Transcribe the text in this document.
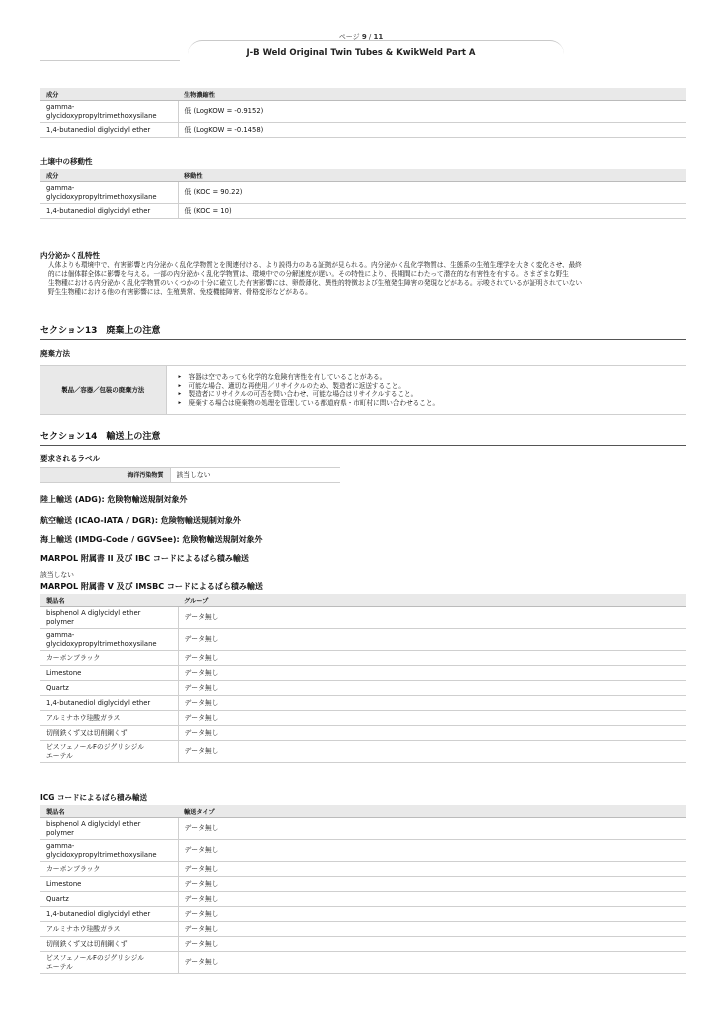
ページ 9 / 11
J-B Weld Original Twin Tubes & KwikWeld Part A
成分	生物濃縮性
gamma-
glycidoxypropyltrimethoxysilane	低 (LogKOW = -0.9152)
1,4-butanediol diglycidyl ether	低 (LogKOW = -0.1458)
土壌中の移動性
成分	移動性
gamma-
glycidoxypropyltrimethoxysilane	低 (KOC = 90.22)
1,4-butanediol diglycidyl ether	低 (KOC = 10)
内分泌かく乱特性
人体よりも環境中で、有害影響と内分泌かく乱化学物質とを関連付ける、より説得力のある証拠が見られる。内分泌かく乱化学物質は、生態系の生殖生理学を大きく変化させ、最終
的には個体群全体に影響を与える。一部の内分泌かく乱化学物質は、環境中での分解速度が遅い。その特性により、長期間にわたって潜在的な有害性を有する。さまざまな野生
生物種における内分泌かく乱化学物質のいくつかの十分に確立した有害影響には、卵殻薄化、異性的特徴および生殖発生障害の発現などがある。示唆されているが証明されていない
野生生物種における他の有害影響には、生殖異常、免疫機能障害、骨格変形などがある。
セクション13　廃棄上の注意
廃棄方法
製品／容器／包装の廃棄方法	
▸ 容器は空であっても化学的な危険有害性を有していることがある。
▸ 可能な場合、適切な再使用／リサイクルのため、製造者に返送すること。
▸ 製造者にリサイクルの可否を問い合わせ、可能な場合はリサイクルすること。
▸ 廃棄する場合は廃棄物の処理を管理している都道府県・市町村に問い合わせること。
セクション14　輸送上の注意
要求されるラベル
海洋汚染物質	該当しない
陸上輸送 (ADG): 危険物輸送規制対象外
航空輸送 (ICAO-IATA / DGR): 危険物輸送規制対象外
海上輸送 (IMDG-Code / GGVSee): 危険物輸送規制対象外
MARPOL 附属書 II 及び IBC コードによるばら積み輸送
該当しない
MARPOL 附属書 V 及び IMSBC コードによるばら積み輸送
製品名	グループ
bisphenol A diglycidyl ether
polymer	データ無し
gamma-
glycidoxypropyltrimethoxysilane	データ無し
カーボンブラック	データ無し
Limestone	データ無し
Quartz	データ無し
1,4-butanediol diglycidyl ether	データ無し
アルミナホウ珪酸ガラス	データ無し
切削鉄くず又は切削鋼くず	データ無し
ビスフェノールFのジグリシジル
エーテル	データ無し
ICG コードによるばら積み輸送
製品名	輸送タイプ
bisphenol A diglycidyl ether
polymer	データ無し
gamma-
glycidoxypropyltrimethoxysilane	データ無し
カーボンブラック	データ無し
Limestone	データ無し
Quartz	データ無し
1,4-butanediol diglycidyl ether	データ無し
アルミナホウ珪酸ガラス	データ無し
切削鉄くず又は切削鋼くず	データ無し
ビスフェノールFのジグリシジル
エーテル	データ無し
